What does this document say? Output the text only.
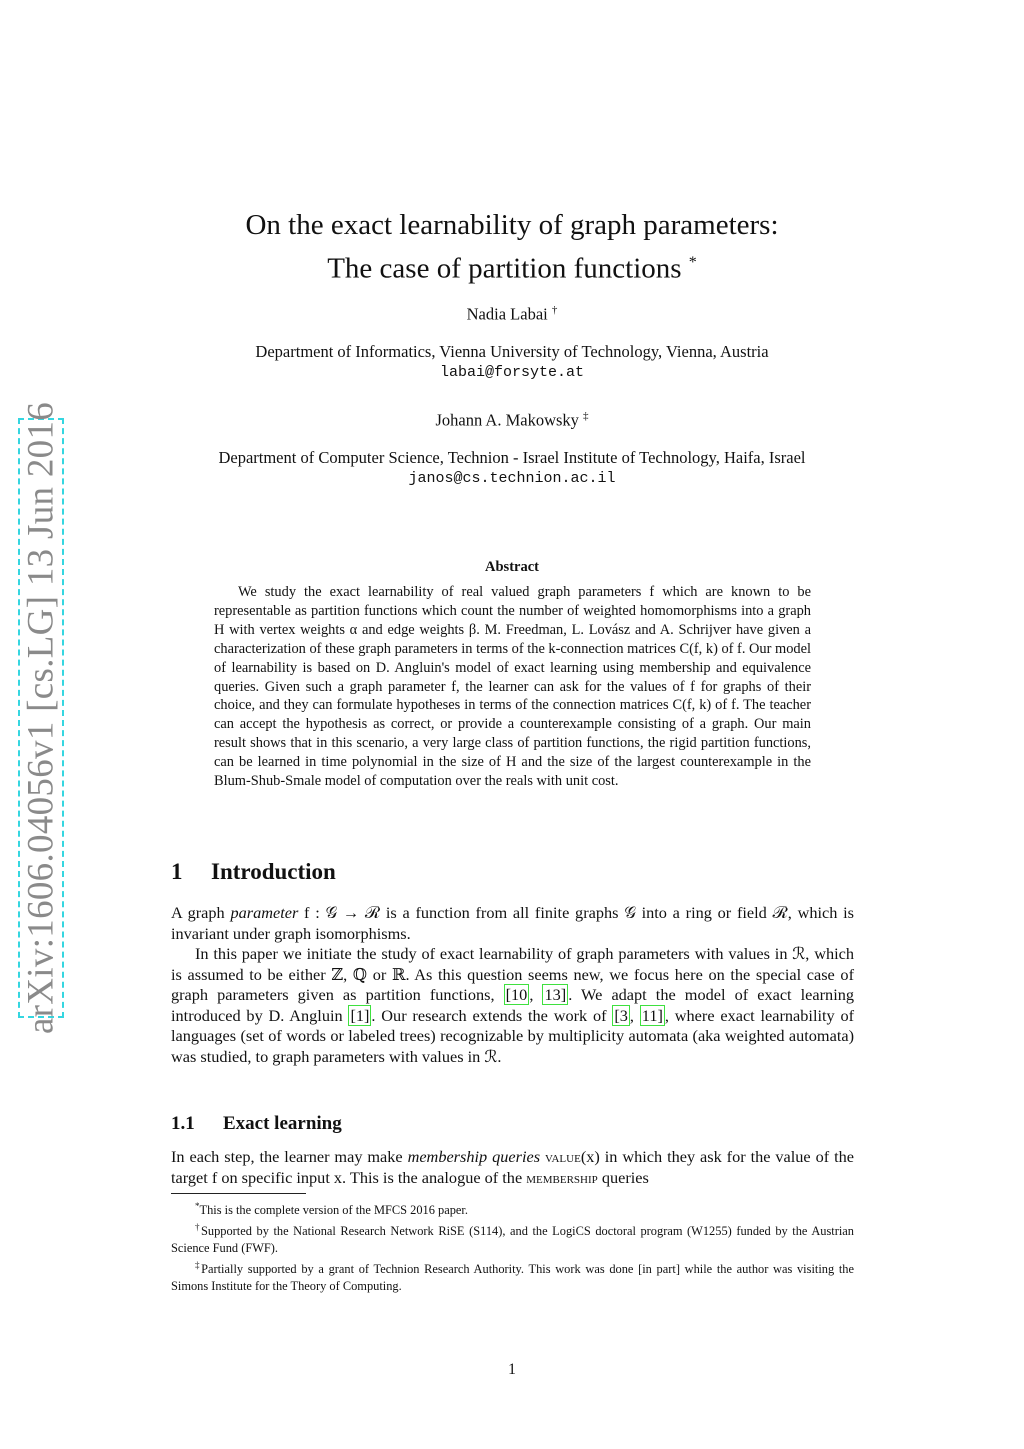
arXiv:1606.04056v1 [cs.LG] 13 Jun 2016
On the exact learnability of graph parameters:
The case of partition functions *
Nadia Labai †
Department of Informatics, Vienna University of Technology, Vienna, Austria
labai@forsyte.at
Johann A. Makowsky ‡
Department of Computer Science, Technion - Israel Institute of Technology, Haifa, Israel
janos@cs.technion.ac.il
Abstract

We study the exact learnability of real valued graph parameters f which are known to be representable as partition functions which count the number of weighted homomorphisms into a graph H with vertex weights α and edge weights β. M. Freedman, L. Lovász and A. Schrijver have given a characterization of these graph parameters in terms of the k-connection matrices C(f, k) of f. Our model of learnability is based on D. Angluin's model of exact learning using membership and equivalence queries. Given such a graph parameter f, the learner can ask for the values of f for graphs of their choice, and they can formulate hypotheses in terms of the connection matrices C(f, k) of f. The teacher can accept the hypothesis as correct, or provide a counterexample consisting of a graph. Our main result shows that in this scenario, a very large class of partition functions, the rigid partition functions, can be learned in time polynomial in the size of H and the size of the largest counterexample in the Blum-Shub-Smale model of computation over the reals with unit cost.

1 Introduction

A graph parameter f : 𝒢 → ℛ is a function from all finite graphs 𝒢 into a ring or field ℛ, which is invariant under graph isomorphisms.

In this paper we initiate the study of exact learnability of graph parameters with values in ℛ, which is assumed to be either ℤ, ℚ or ℝ. As this question seems new, we focus here on the special case of graph parameters given as partition functions, [10 , 13] . We adapt the model of exact learning introduced by D. Angluin [1] . Our research extends the work of [3 , 11] , where exact learnability of languages (set of words or labeled trees) recognizable by multiplicity automata (aka weighted automata) was studied, to graph parameters with values in ℛ.

1.1 Exact learning

In each step, the learner may make membership queries value(x) in which they ask for the value of the target f on specific input x. This is the analogue of the membership queries

*This is the complete version of the MFCS 2016 paper.

†Supported by the National Research Network RiSE (S114), and the LogiCS doctoral program (W1255) funded by the Austrian Science Fund (FWF).

‡Partially supported by a grant of Technion Research Authority. This work was done [in part] while the author was visiting the Simons Institute for the Theory of Computing.

1
